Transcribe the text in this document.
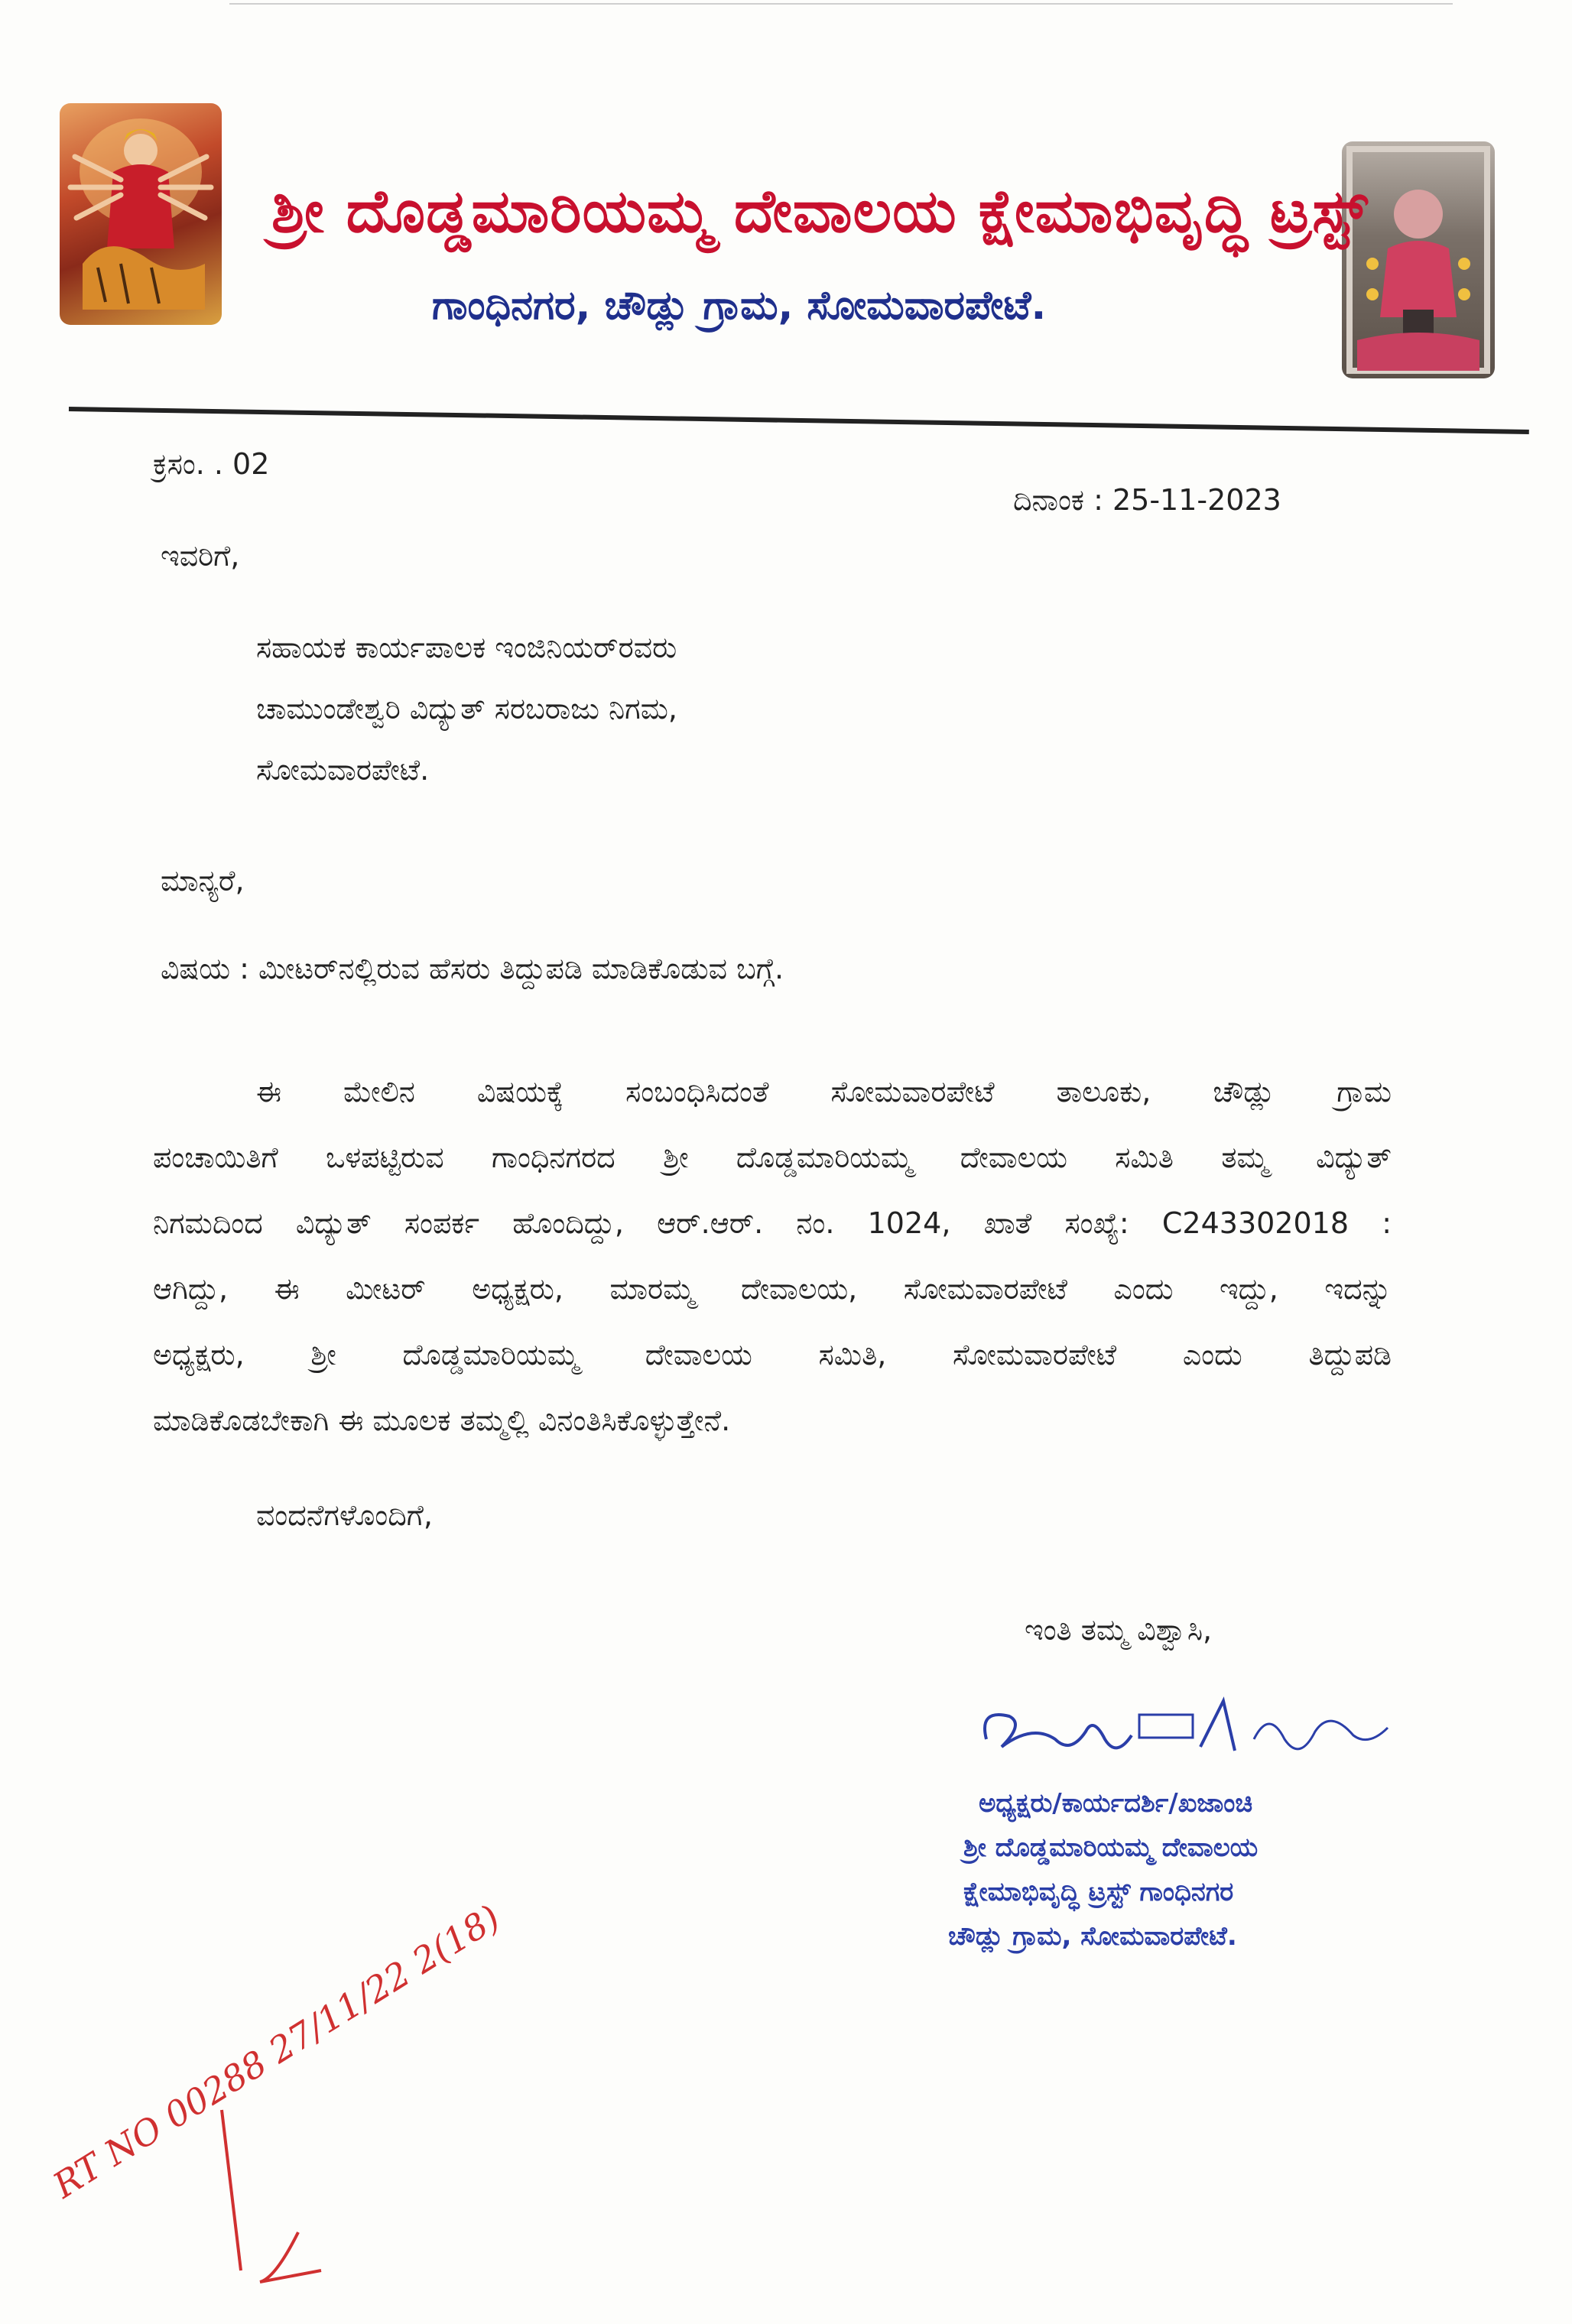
ಶ್ರೀ ದೊಡ್ಡಮಾರಿಯಮ್ಮ ದೇವಾಲಯ ಕ್ಷೇಮಾಭಿವೃದ್ಧಿ ಟ್ರಸ್ಟ್
ಗಾಂಧಿನಗರ, ಚೌಡ್ಲು ಗ್ರಾಮ, ಸೋಮವಾರಪೇಟೆ.
ಕ್ರಸಂ. . 02
ದಿನಾಂಕ : 25-11-2023
ಇವರಿಗೆ,
ಸಹಾಯಕ ಕಾರ್ಯಪಾಲಕ ಇಂಜಿನಿಯರ್‌ರವರು
ಚಾಮುಂಡೇಶ್ವರಿ ವಿದ್ಯುತ್ ಸರಬರಾಜು ನಿಗಮ,
ಸೋಮವಾರಪೇಟೆ.
ಮಾನ್ಯರೆ,
ವಿಷಯ : ಮೀಟರ್‌ನಲ್ಲಿರುವ ಹೆಸರು ತಿದ್ದುಪಡಿ ಮಾಡಿಕೊಡುವ ಬಗ್ಗೆ.
ಈ ಮೇಲಿನ ವಿಷಯಕ್ಕೆ ಸಂಬಂಧಿಸಿದಂತೆ ಸೋಮವಾರಪೇಟೆ ತಾಲೂಕು, ಚೌಡ್ಲು ಗ್ರಾಮ
ಪಂಚಾಯಿತಿಗೆ ಒಳಪಟ್ಟಿರುವ ಗಾಂಧಿನಗರದ ಶ್ರೀ ದೊಡ್ಡಮಾರಿಯಮ್ಮ ದೇವಾಲಯ ಸಮಿತಿ ತಮ್ಮ ವಿದ್ಯುತ್
ನಿಗಮದಿಂದ ವಿದ್ಯುತ್ ಸಂಪರ್ಕ ಹೊಂದಿದ್ದು, ಆರ್.ಆರ್. ನಂ. 1024, ಖಾತೆ ಸಂಖ್ಯೆ: C243302018 :
ಆಗಿದ್ದು, ಈ ಮೀಟರ್ ಅಧ್ಯಕ್ಷರು, ಮಾರಮ್ಮ ದೇವಾಲಯ, ಸೋಮವಾರಪೇಟೆ ಎಂದು ಇದ್ದು, ಇದನ್ನು
ಅಧ್ಯಕ್ಷರು, ಶ್ರೀ ದೊಡ್ಡಮಾರಿಯಮ್ಮ ದೇವಾಲಯ ಸಮಿತಿ, ಸೋಮವಾರಪೇಟೆ ಎಂದು ತಿದ್ದುಪಡಿ
ಮಾಡಿಕೊಡಬೇಕಾಗಿ ಈ ಮೂಲಕ ತಮ್ಮಲ್ಲಿ ವಿನಂತಿಸಿಕೊಳ್ಳುತ್ತೇನೆ.
ವಂದನೆಗಳೊಂದಿಗೆ,
ಇಂತಿ ತಮ್ಮ ವಿಶ್ವಾಸಿ,
ಅಧ್ಯಕ್ಷರು/ಕಾರ್ಯದರ್ಶಿ/ಖಜಾಂಚಿ
ಶ್ರೀ ದೊಡ್ಡಮಾರಿಯಮ್ಮ ದೇವಾಲಯ
ಕ್ಷೇಮಾಭಿವೃದ್ಧಿ ಟ್ರಸ್ಟ್ ಗಾಂಧಿನಗರ
ಚೌಡ್ಲು ಗ್ರಾಮ, ಸೋಮವಾರಪೇಟೆ.
RT NO 00288 27/11/22 2(18)
